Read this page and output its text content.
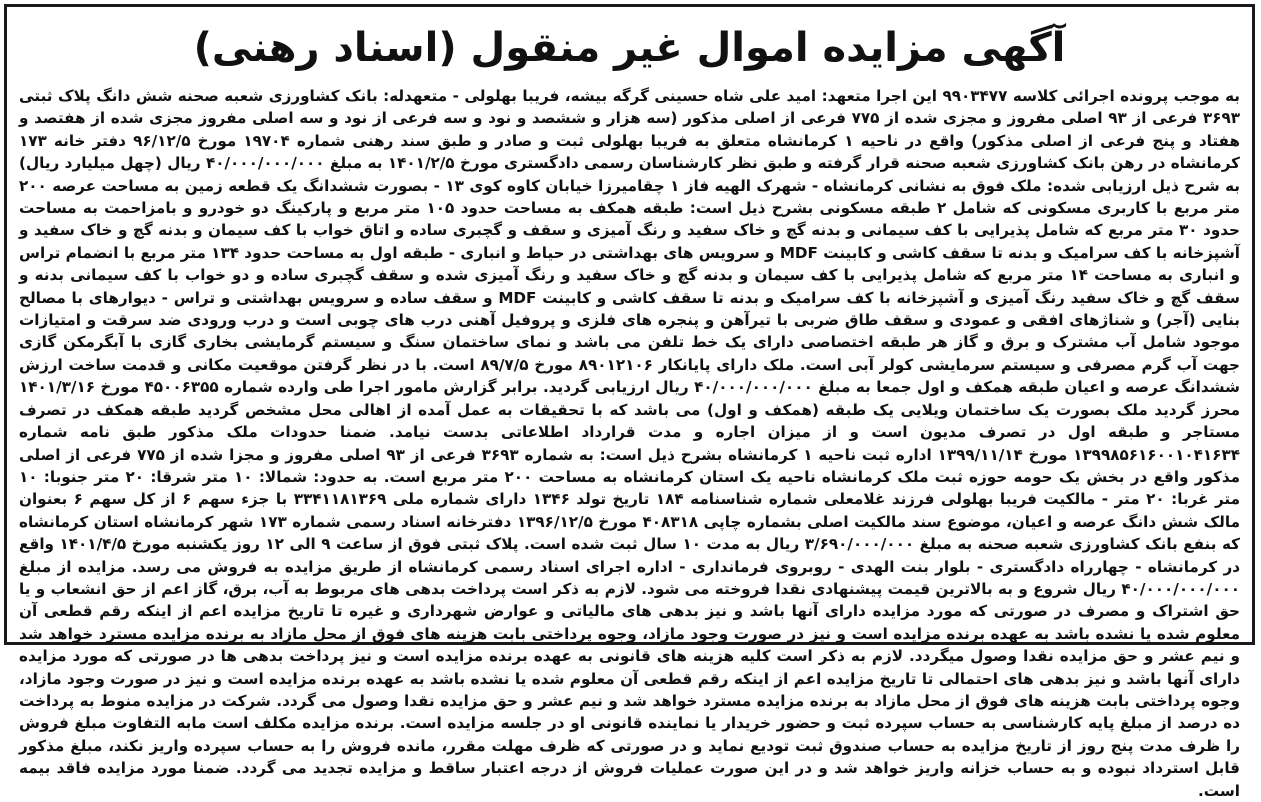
آگهی مزایده اموال غیر منقول (اسناد رهنی)

به موجب پرونده اجرائی کلاسه ۹۹۰۳۴۷۷ این اجرا متعهد: امید علی شاه حسینی گرگه بیشه، فریبا بهلولی - متعهدله: بانک کشاورزی شعبه صحنه شش دانگ پلاک ثبتی ۳۶۹۳ فرعی از ۹۳ اصلی مفروز و مجزی شده از ۷۷۵ فرعی از اصلی مذکور (سه هزار و ششصد و نود و سه فرعی از نود و سه اصلی مفروز مجزی شده از هفتصد و هفتاد و پنج فرعی از اصلی مذکور) واقع در ناحیه ۱ کرمانشاه متعلق به فریبا بهلولی ثبت و صادر و طبق سند رهنی شماره ۱۹۷۰۴ مورخ ۹۶/۱۲/۵ دفتر خانه ۱۷۳ کرمانشاه در رهن بانک کشاورزی شعبه صحنه قرار گرفته و طبق نظر کارشناسان رسمی دادگستری مورخ ۱۴۰۱/۲/۵ به مبلغ ۴۰/۰۰۰/۰۰۰/۰۰۰ ریال (چهل میلیارد ریال) به شرح ذیل ارزیابی شده: ملک فوق به نشانی کرمانشاه - شهرک الهیه فاز ۱ چقامیرزا خیابان کاوه کوی ۱۳ - بصورت ششدانگ یک قطعه زمین به مساحت عرصه ۲۰۰ متر مربع با کاربری مسکونی که شامل ۲ طبقه مسکونی بشرح ذیل است: طبقه همکف به مساحت حدود ۱۰۵ متر مربع و پارکینگ دو خودرو و بامزاحمت به مساحت حدود ۳۰ متر مربع که شامل پذیرایی با کف سیمانی و بدنه گچ و خاک سفید و رنگ آمیزی و سقف و گچبری ساده و اتاق خواب با کف سیمان و بدنه گچ و خاک سفید و آشپزخانه با کف سرامیک و بدنه تا سقف کاشی و کابینت MDF و سرویس های بهداشتی در حیاط و انباری - طبقه اول به مساحت حدود ۱۳۴ متر مربع با انضمام تراس و انباری به مساحت ۱۴ متر مربع که شامل پذیرایی با کف سیمان و بدنه گچ و خاک سفید و رنگ آمیزی شده و سقف گچبری ساده و دو خواب با کف سیمانی بدنه و سقف گچ و خاک سفید رنگ آمیزی و آشپزخانه با کف سرامیک و بدنه تا سقف کاشی و کابینت MDF و سقف ساده و سرویس بهداشتی و تراس - دیوارهای با مصالح بنایی (آجر) و شناژهای افقی و عمودی و سقف طاق ضربی با تیرآهن و پنجره های فلزی و پروفیل آهنی درب های چوبی است و درب ورودی ضد سرقت و امتیازات موجود شامل آب مشترک و برق و گاز هر طبقه اختصاصی دارای یک خط تلفن می باشد و نمای ساختمان سنگ و سیستم گرمایشی بخاری گازی با آبگرمکن گازی جهت آب گرم مصرفی و سیستم سرمایشی کولر آبی است. ملک دارای پایانکار ۸۹۰۱۲۱۰۶ مورخ ۸۹/۷/۵ است. با در نظر گرفتن موقعیت مکانی و قدمت ساخت ارزش ششدانگ عرصه و اعیان طبقه همکف و اول جمعا به مبلغ ۴۰/۰۰۰/۰۰۰/۰۰۰ ریال ارزیابی گردید. برابر گزارش مامور اجرا طی وارده شماره ۴۵۰۰۶۳۵۵ مورخ ۱۴۰۱/۳/۱۶ محرز گردید ملک بصورت یک ساختمان ویلایی یک طبقه (همکف و اول) می باشد که با تحقیقات به عمل آمده از اهالی محل مشخص گردید طبقه همکف در تصرف مستاجر و طبقه اول در تصرف مدیون است و از میزان اجاره و مدت قرارداد اطلاعاتی بدست نیامد. ضمنا حدودات ملک مذکور طبق نامه شماره ۱۳۹۹۸۵۶۱۶۰۰۱۰۴۱۶۳۴ مورخ ۱۳۹۹/۱۱/۱۴ اداره ثبت ناحیه ۱ کرمانشاه بشرح ذیل است: به شماره ۳۶۹۳ فرعی از ۹۳ اصلی مفروز و مجزا شده از ۷۷۵ فرعی از اصلی مذکور واقع در بخش یک حومه حوزه ثبت ملک کرمانشاه ناحیه یک استان کرمانشاه به مساحت ۲۰۰ متر مربع است. به حدود: شمالا: ۱۰ متر شرقا: ۲۰ متر جنوبا: ۱۰ متر غربا: ۲۰ متر - مالکیت فریبا بهلولی فرزند غلامعلی شماره شناسنامه ۱۸۴ تاریخ تولد ۱۳۴۶ دارای شماره ملی ۳۳۴۱۱۸۱۳۶۹ با جزء سهم ۶ از کل سهم ۶ بعنوان مالک شش دانگ عرصه و اعیان، موضوع سند مالکیت اصلی بشماره چاپی ۴۰۸۳۱۸ مورخ ۱۳۹۶/۱۲/۵ دفترخانه اسناد رسمی شماره ۱۷۳ شهر کرمانشاه استان کرمانشاه که بنفع بانک کشاورزی شعبه صحنه به مبلغ ۳/۶۹۰/۰۰۰/۰۰۰ ریال به مدت ۱۰ سال ثبت شده است. پلاک ثبتی فوق از ساعت ۹ الی ۱۲ روز یکشنبه مورخ ۱۴۰۱/۴/۵ واقع در کرمانشاه - چهارراه دادگستری - بلوار بنت الهدی - روبروی فرمانداری - اداره اجرای اسناد رسمی کرمانشاه از طریق مزایده به فروش می رسد. مزایده از مبلغ ۴۰/۰۰۰/۰۰۰/۰۰۰ ریال شروع و به بالاترین قیمت پیشنهادی نقدا فروخته می شود. لازم به ذکر است پرداخت بدهی های مربوط به آب، برق، گاز اعم از حق انشعاب و یا حق اشتراک و مصرف در صورتی که مورد مزایده دارای آنها باشد و نیز بدهی های مالیاتی و عوارض شهرداری و غیره تا تاریخ مزایده اعم از اینکه رقم قطعی آن معلوم شده یا نشده باشد به عهده برنده مزایده است و نیز در صورت وجود مازاد، وجوه پرداختی بابت هزینه های فوق از محل مازاد به برنده مزایده مسترد خواهد شد و نیم عشر و حق مزایده نقدا وصول میگردد. لازم به ذکر است کلیه هزینه های قانونی به عهده برنده مزایده است و نیز پرداخت بدهی ها در صورتی که مورد مزایده دارای آنها باشد و نیز بدهی های احتمالی تا تاریخ مزایده اعم از اینکه رقم قطعی آن معلوم شده یا نشده باشد به عهده برنده مزایده است و نیز در صورت وجود مازاد، وجوه پرداختی بابت هزینه های فوق از محل مازاد به برنده مزایده مسترد خواهد شد و نیم عشر و حق مزایده نقدا وصول می گردد. شرکت در مزایده منوط به پرداخت ده درصد از مبلغ پایه کارشناسی به حساب سپرده ثبت و حضور خریدار یا نماینده قانونی او در جلسه مزایده است. برنده مزایده مکلف است مابه التفاوت مبلغ فروش را ظرف مدت پنج روز از تاریخ مزایده به حساب صندوق ثبت تودیع نماید و در صورتی که ظرف مهلت مقرر، مانده فروش را به حساب سپرده واریز نکند، مبلغ مذکور قابل استرداد نبوده و به حساب خزانه واریز خواهد شد و در این صورت عملیات فروش از درجه اعتبار ساقط و مزایده تجدید می گردد. ضمنا مورد مزایده فاقد بیمه است.
